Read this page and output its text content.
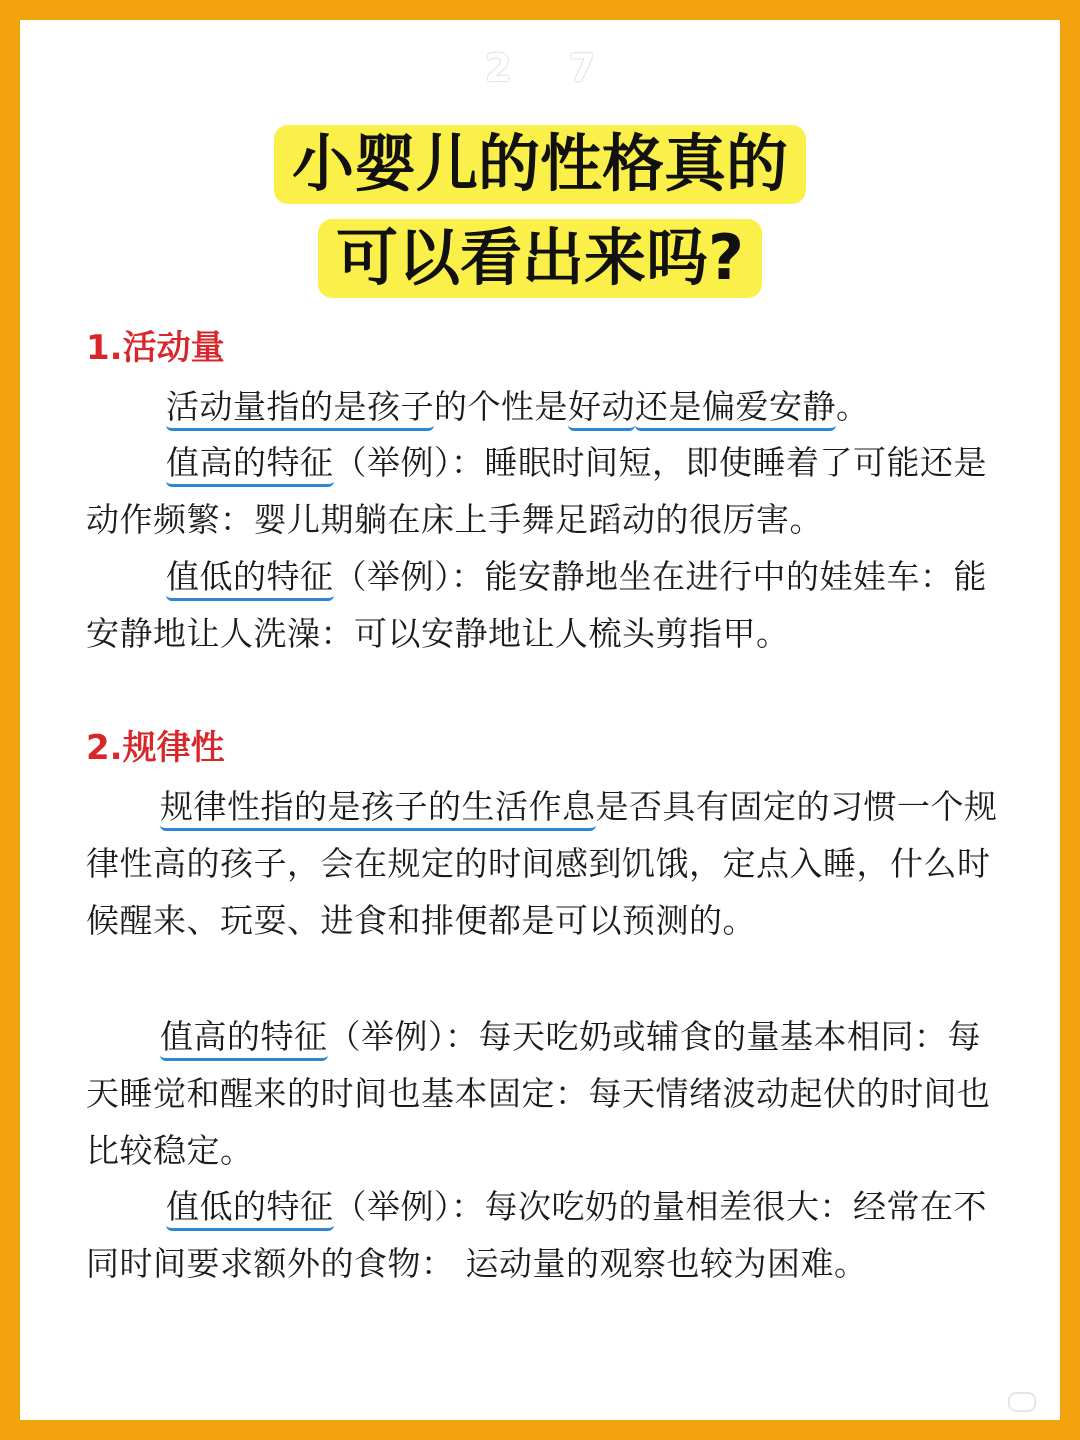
2 7
小婴儿的性格真的
可以看出来吗?
1.活动量
活动量指的是孩子的个性是好动还是偏爱安静。
值高的特征（举例）：睡眠时间短，即使睡着了可能还是动作频繁：婴儿期躺在床上手舞足蹈动的很厉害。
值低的特征（举例）：能安静地坐在进行中的娃娃车：能安静地让人洗澡：可以安静地让人梳头剪指甲。
2.规律性
规律性指的是孩子的生活作息是否具有固定的习惯一个规律性高的孩子，会在规定的时间感到饥饿，定点入睡，什么时候醒来、玩耍、进食和排便都是可以预测的。
值高的特征（举例）：每天吃奶或辅食的量基本相同：每天睡觉和醒来的时间也基本固定：每天情绪波动起伏的时间也比较稳定。
值低的特征（举例）：每次吃奶的量相差很大：经常在不同时间要求额外的食物： 运动量的观察也较为困难。
